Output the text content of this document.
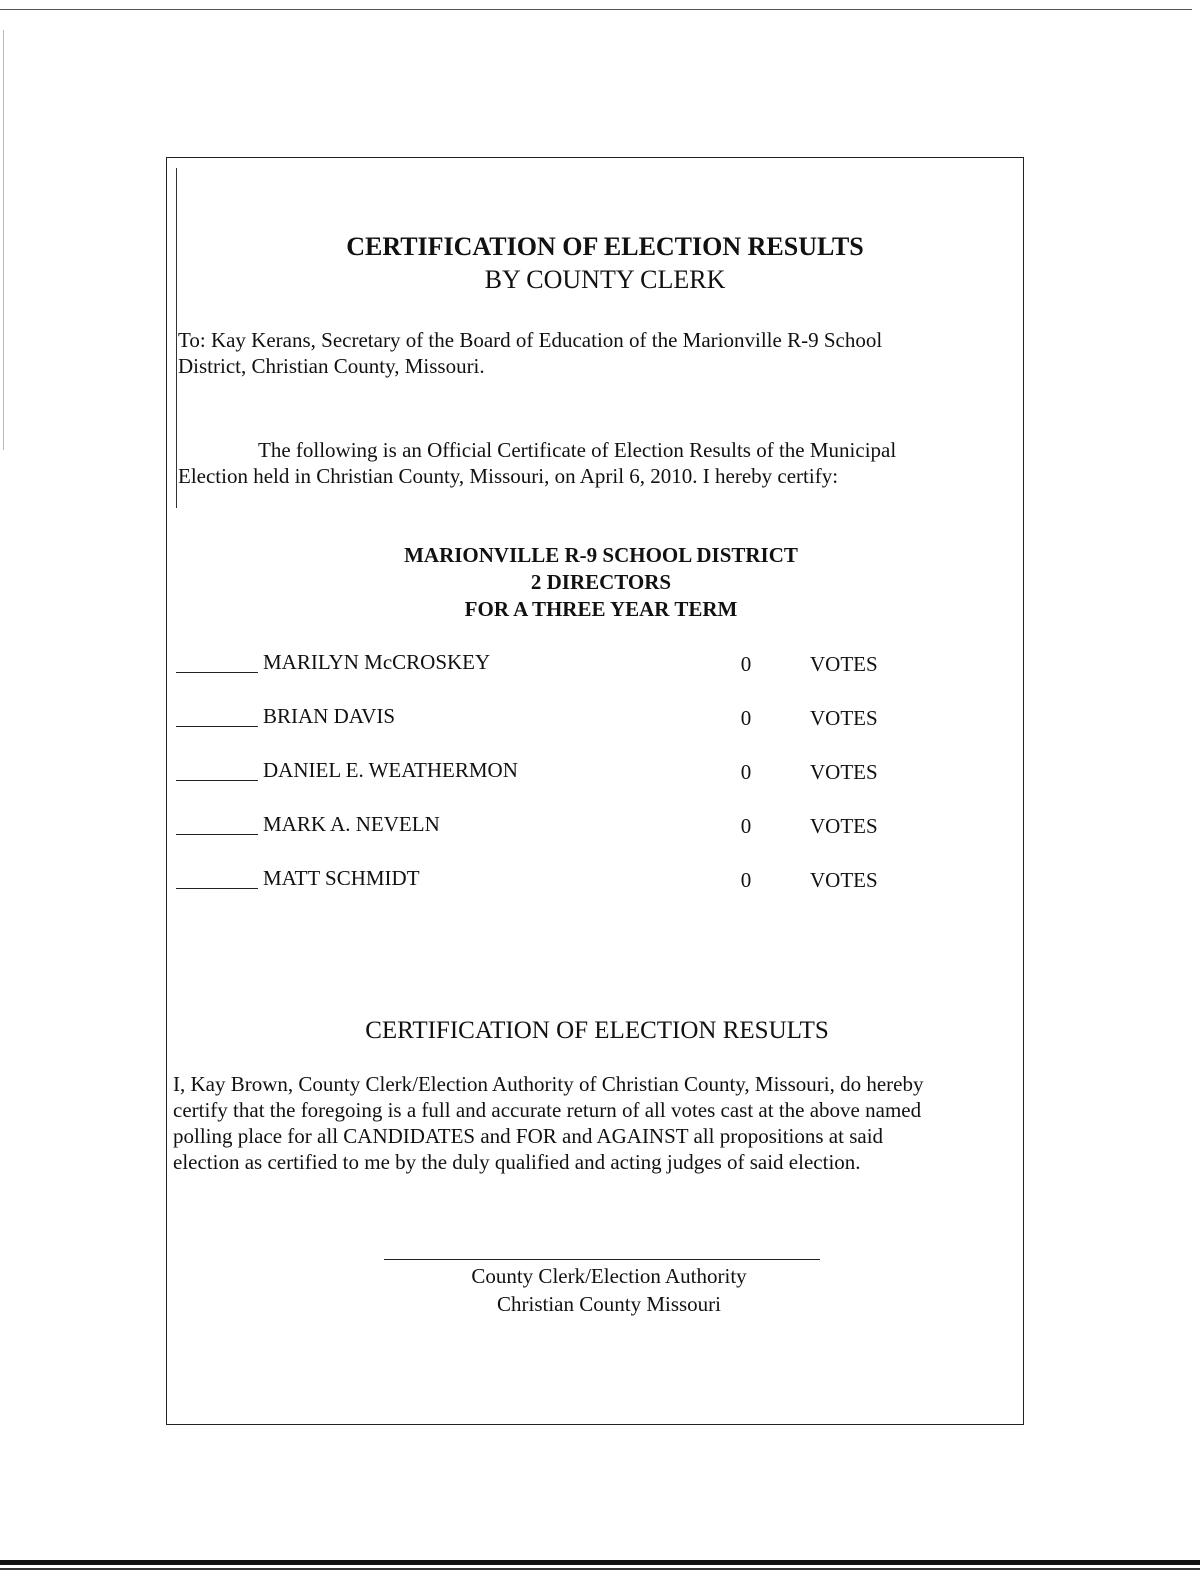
CERTIFICATION OF ELECTION RESULTS
BY COUNTY CLERK
To: Kay Kerans, Secretary of the Board of Education of the Marionville R-9 School
District, Christian County, Missouri.
The following is an Official Certificate of Election Results of the Municipal
Election held in Christian County, Missouri, on April 6, 2010. I hereby certify:
MARIONVILLE R-9 SCHOOL DISTRICT
2 DIRECTORS
FOR A THREE YEAR TERM
MARILYN McCROSKEY	0	VOTES
BRIAN DAVIS	0	VOTES
DANIEL E. WEATHERMON	0	VOTES
MARK A. NEVELN	0	VOTES
MATT SCHMIDT	0	VOTES
CERTIFICATION OF ELECTION RESULTS
I, Kay Brown, County Clerk/Election Authority of Christian County, Missouri, do hereby
certify that the foregoing is a full and accurate return of all votes cast at the above named
polling place for all CANDIDATES and FOR and AGAINST all propositions at said
election as certified to me by the duly qualified and acting judges of said election.
County Clerk/Election Authority
Christian County Missouri
